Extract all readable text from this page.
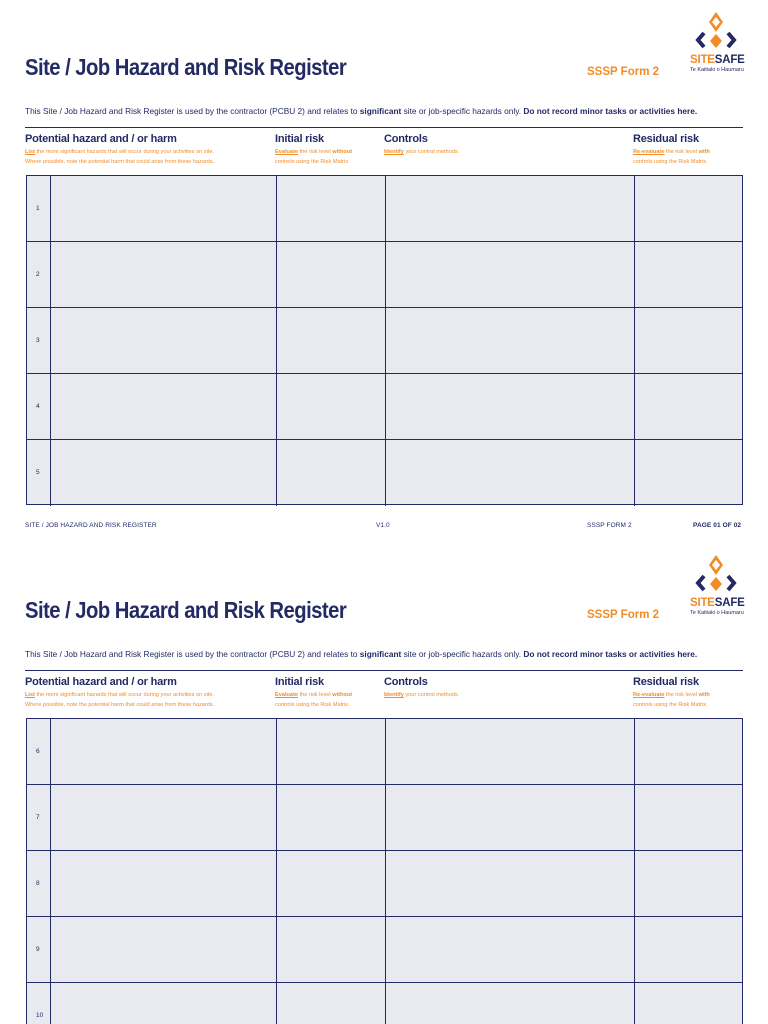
SITESAFE
Te Kaitiaki o Haumaru
Site / Job Hazard and Risk Register	SSSP Form 2
This Site / Job Hazard and Risk Register is used by the contractor (PCBU 2) and relates to significant site or job-specific hazards only. Do not record minor tasks or activities here.
Potential hazard and / or harm
List the more significant hazards that will occur during your activities on site.
Where possible, note the potential harm that could arise from these hazards.
Initial risk
Evaluate the risk level without
controls using the Risk Matrix.
Controls
Identify your control methods.
Residual risk
Re-evaluate the risk level with
controls using the Risk Matrix.
1
2
3
4
5
SITE / JOB HAZARD AND RISK REGISTER	V1.0	SSSP FORM 2	PAGE 01 OF 02
SITESAFE
Te Kaitiaki o Haumaru
Site / Job Hazard and Risk Register	SSSP Form 2
This Site / Job Hazard and Risk Register is used by the contractor (PCBU 2) and relates to significant site or job-specific hazards only. Do not record minor tasks or activities here.
Potential hazard and / or harm
List the more significant hazards that will occur during your activities on site.
Where possible, note the potential harm that could arise from these hazards.
Initial risk
Evaluate the risk level without
controls using the Risk Matrix.
Controls
Identify your control methods.
Residual risk
Re-evaluate the risk level with
controls using the Risk Matrix.
6
7
8
9
10
